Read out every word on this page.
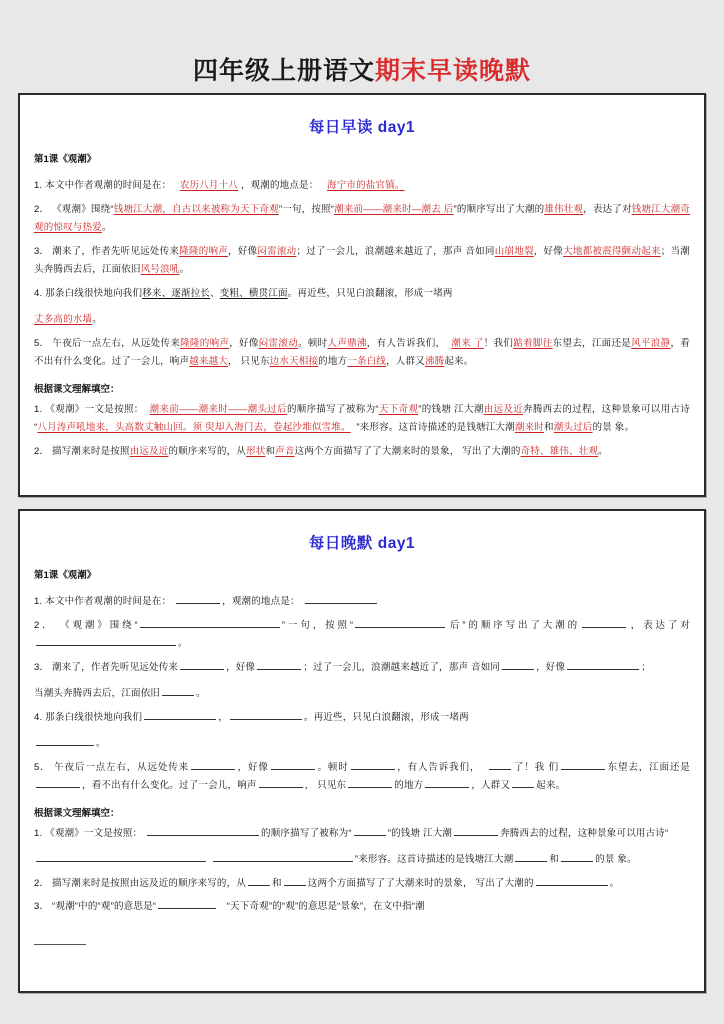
四年级上册语文期末早读晚默
每日早读 day1
第1课《观潮》

1. 本文中作者观潮的时间是在： 农历八月十八 ，观潮的地点是： 海宁市的盐官镇。

2． 《观潮》围绕“钱塘江大潮，自古以来被称为天下奇观”一句，按照“潮来前——潮来时—潮去 后”的顺序写出了大潮的雄伟壮观，表达了对钱塘江大潮奇观的惊叹与热爱。

3． 潮来了，作者先听见远处传来隆隆的响声，好像闷雷滚动；过了一会儿，浪潮越来越近了，那声 音如同山崩地裂，好像大地都被震得颤动起来；当潮头奔腾西去后，江面依旧风号浪吼。

4. 那条白线很快地向我们移来、逐渐拉长、变粗、横贯江面。再近些，只见白浪翻滚，形成一堵两
丈多高的水墙。

5． 午夜后一点左右，从远处传来隆隆的响声，好像闷雷滚动。顿时人声鼎沸，有人告诉我们， 潮来 了！我们踮着脚往东望去，江面还是风平浪静，看不出有什么变化。过了一会儿，响声越来越大， 只见东边水天相接的地方一条白线，人群又沸腾起来。

根据课文理解填空：

1. 《观潮》一文是按照： 潮来前——潮来时——潮头过后的顺序描写了被称为“天下奇观”的钱塘 江大潮由远及近奔腾西去的过程，这种景象可以用古诗“八月涛声吼地来，头高数丈触山回。须 臾却入海门去，卷起沙堆似雪堆。 ”来形容。这首诗描述的是钱塘江大潮潮来时和潮头过后的景 象。

2． 描写潮来时是按照由远及近的顺序来写的，从形状和声音这两个方面描写了了大潮来时的景象， 写出了大潮的奇特、雄伟、壮观。

每日晚默 day1
第1课《观潮》

1. 本文中作者观潮的时间是在：	，观潮的地点是：

2． 《观潮》围绕“	”一句，按照“	后”的顺序写出了大潮的	，表达了对。

3． 潮来了，作者先听见远处传来	，好像	；过了一会儿，浪潮越来越近了，那声 音如同	，好像	；
当潮头奔腾西去后，江面依旧	。

4. 那条白线很快地向我们	，	。再近些，只见白浪翻滚，形成一堵两
。

5． 午夜后一点左右，从远处传来	，好像	。顿时	，有人告诉我们，	了！我 们	东望去，江面还是，看不出有什么变化。过了一会儿，响声	， 只见东	的地方	，人群又	起来。

根据课文理解填空：

1. 《观潮》一文是按照：	的顺序描写了被称为“	”的钱塘 江大潮	奔腾西去的过程，这种景象可以用古诗“
”来形容。这首诗描述的是钱塘江大潮	和	的景 象。

2． 描写潮来时是按照由远及近的顺序来写的，从	和	这两个方面描写了了大潮来时的景象， 写出了大潮的	。

3． “观潮”中的“观”的意思是“	“天下奇观”的“观”的意思是“景象”，在文中指“潮
